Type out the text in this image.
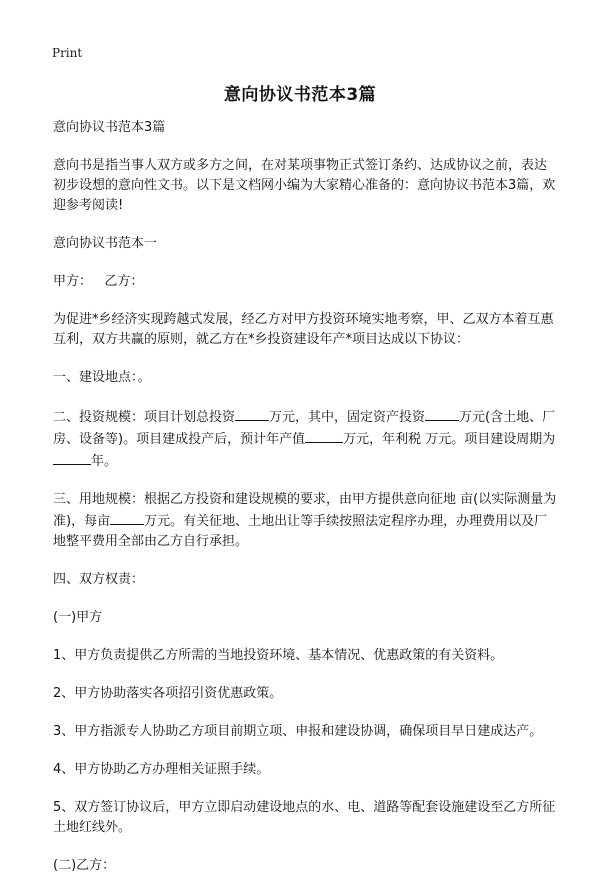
Print
意向协议书范本3篇

意向协议书范本3篇

意向书是指当事人双方或多方之间，在对某项事物正式签订条约、达成协议之前，表达初步设想的意向性文书。以下是文档网小编为大家精心准备的：意向协议书范本3篇，欢迎参考阅读!

意向协议书范本一

甲方：   乙方：

为促进*乡经济实现跨越式发展，经乙方对甲方投资环境实地考察，甲、乙双方本着互惠互利，双方共赢的原则，就乙方在*乡投资建设年产*项目达成以下协议：

一、建设地点：。

二、投资规模：项目计划总投资	万元，其中，固定资产投资	万元(含土地、厂房、设备等)。项目建成投产后，预计年产值	万元，年利税 万元。项目建设周期为年。

三、用地规模：根据乙方投资和建设规模的要求，由甲方提供意向征地 亩(以实际测量为准)，每亩	万元。有关征地、土地出让等手续按照法定程序办理，办理费用以及厂地整平费用全部由乙方自行承担。

四、双方权责：

(一)甲方

1、甲方负责提供乙方所需的当地投资环境、基本情况、优惠政策的有关资料。

2、甲方协助落实各项招引资优惠政策。

3、甲方指派专人协助乙方项目前期立项、申报和建设协调，确保项目早日建成达产。

4、甲方协助乙方办理相关证照手续。

5、双方签订协议后，甲方立即启动建设地点的水、电、道路等配套设施建设至乙方所征土地红线外。

(二)乙方：
